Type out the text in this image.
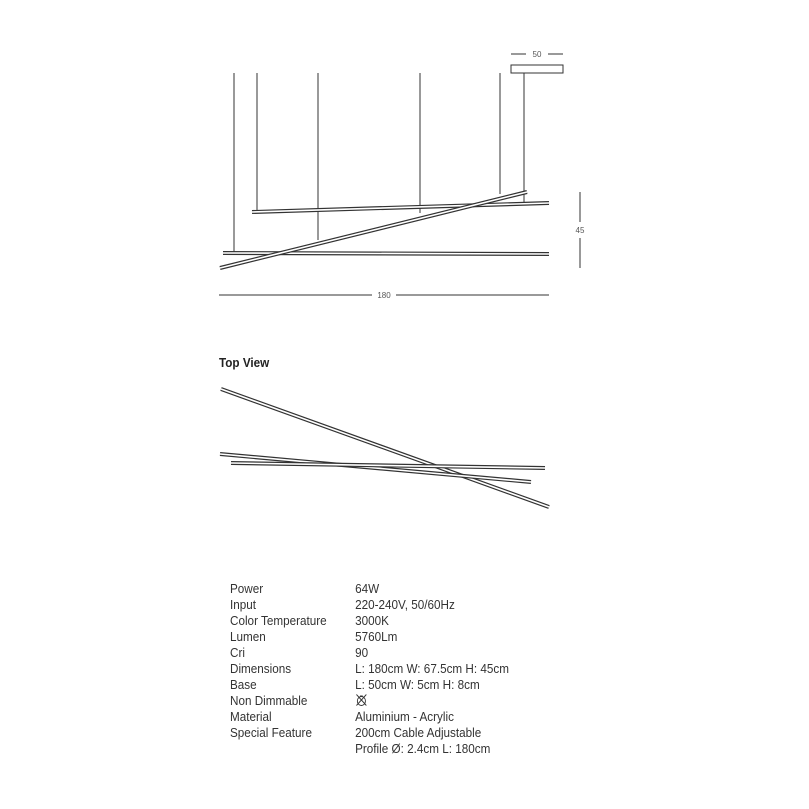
50
45
180
Top View
Power	64W
Input	220-240V, 50/60Hz
Color Temperature	3000K
Lumen	5760Lm
Cri	90
Dimensions	L: 180cm W: 67.5cm H: 45cm
Base	L: 50cm W: 5cm H: 8cm
Non Dimmable
Material	Aluminium - Acrylic
Special Feature	200cm Cable Adjustable
Profile Ø: 2.4cm L: 180cm
